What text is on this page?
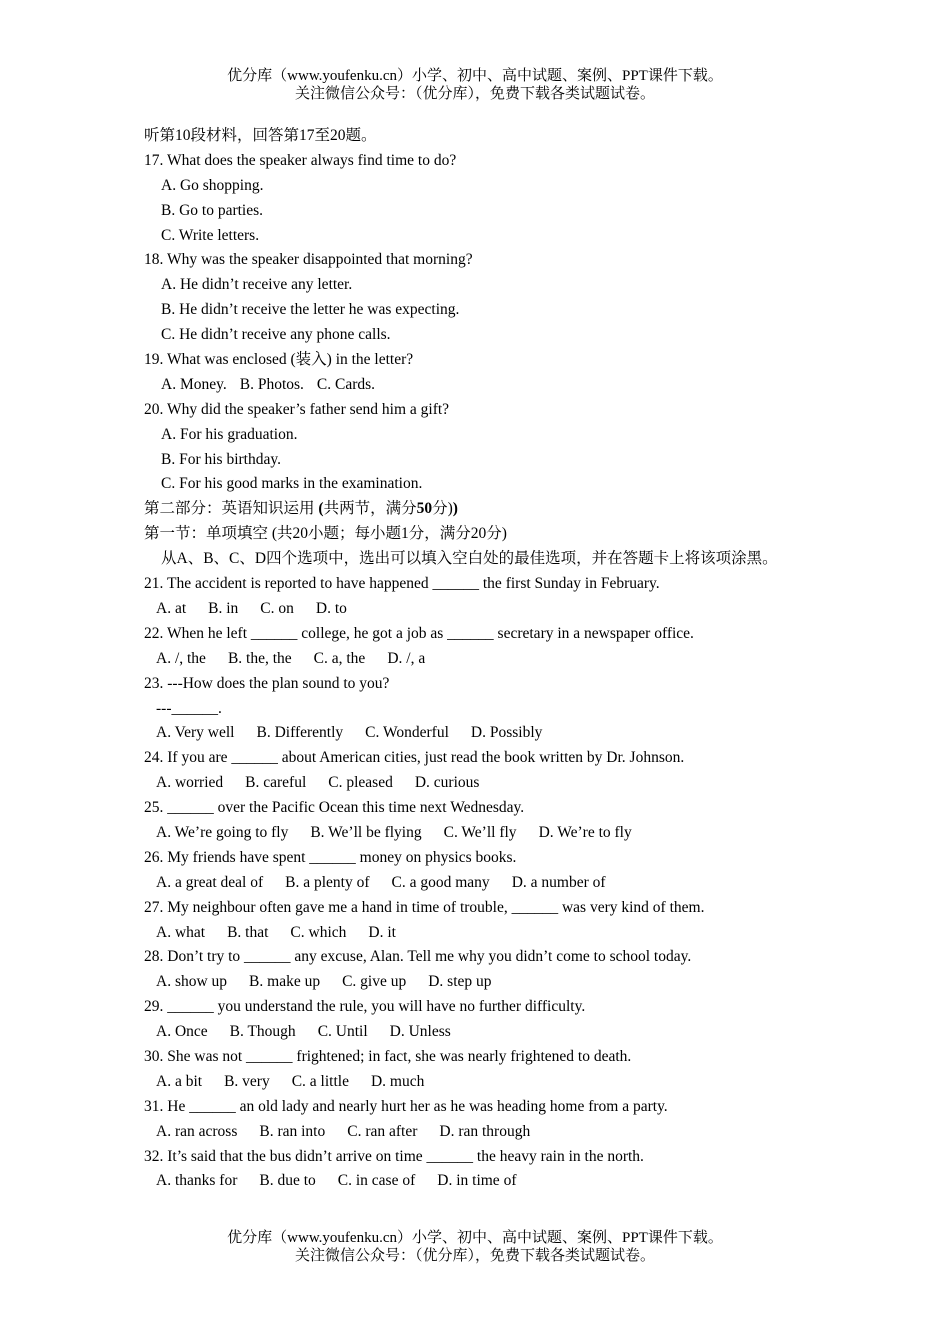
优分库（www.youfenku.cn）小学、初中、高中试题、案例、PPT课件下载。
关注微信公众号：（优分库），免费下载各类试题试卷。
听第10段材料，回答第17至20题。
17. What does the speaker always find time to do?
A. Go shopping.
B. Go to parties.
C. Write letters.
18. Why was the speaker disappointed that morning?
A. He didn’t receive any letter.
B. He didn’t receive the letter he was expecting.
C. He didn’t receive any phone calls.
19. What was enclosed (装入) in the letter?
A. Money. B. Photos. C. Cards.
20. Why did the speaker’s father send him a gift?
A. For his graduation.
B. For his birthday.
C. For his good marks in the examination.
第二部分：英语知识运用 (共两节，满分50分))
第一节：单项填空 (共20小题；每小题1分，满分20分)
从A、B、C、D四个选项中，选出可以填入空白处的最佳选项，并在答题卡上将该项涂黑。
21. The accident is reported to have happened ______ the first Sunday in February.
A. at B. in C. on D. to
22. When he left ______ college, he got a job as ______ secretary in a newspaper office.
A. /, the B. the, the C. a, the D. /, a
23. ---How does the plan sound to you?
---______.
A. Very well B. Differently C. Wonderful D. Possibly
24. If you are ______ about American cities, just read the book written by Dr. Johnson.
A. worried B. careful C. pleased D. curious
25. ______ over the Pacific Ocean this time next Wednesday.
A. We’re going to fly B. We’ll be flying C. We’ll fly D. We’re to fly
26. My friends have spent ______ money on physics books.
A. a great deal of B. a plenty of C. a good many D. a number of
27. My neighbour often gave me a hand in time of trouble, ______ was very kind of them.
A. what B. that C. which D. it
28. Don’t try to ______ any excuse, Alan. Tell me why you didn’t come to school today.
A. show up B. make up C. give up D. step up
29. ______ you understand the rule, you will have no further difficulty.
A. Once B. Though C. Until D. Unless
30. She was not ______ frightened; in fact, she was nearly frightened to death.
A. a bit B. very C. a little D. much
31. He ______ an old lady and nearly hurt her as he was heading home from a party.
A. ran across B. ran into C. ran after D. ran through
32. It’s said that the bus didn’t arrive on time ______ the heavy rain in the north.
A. thanks for B. due to C. in case of D. in time of
优分库（www.youfenku.cn）小学、初中、高中试题、案例、PPT课件下载。
关注微信公众号：（优分库），免费下载各类试题试卷。
